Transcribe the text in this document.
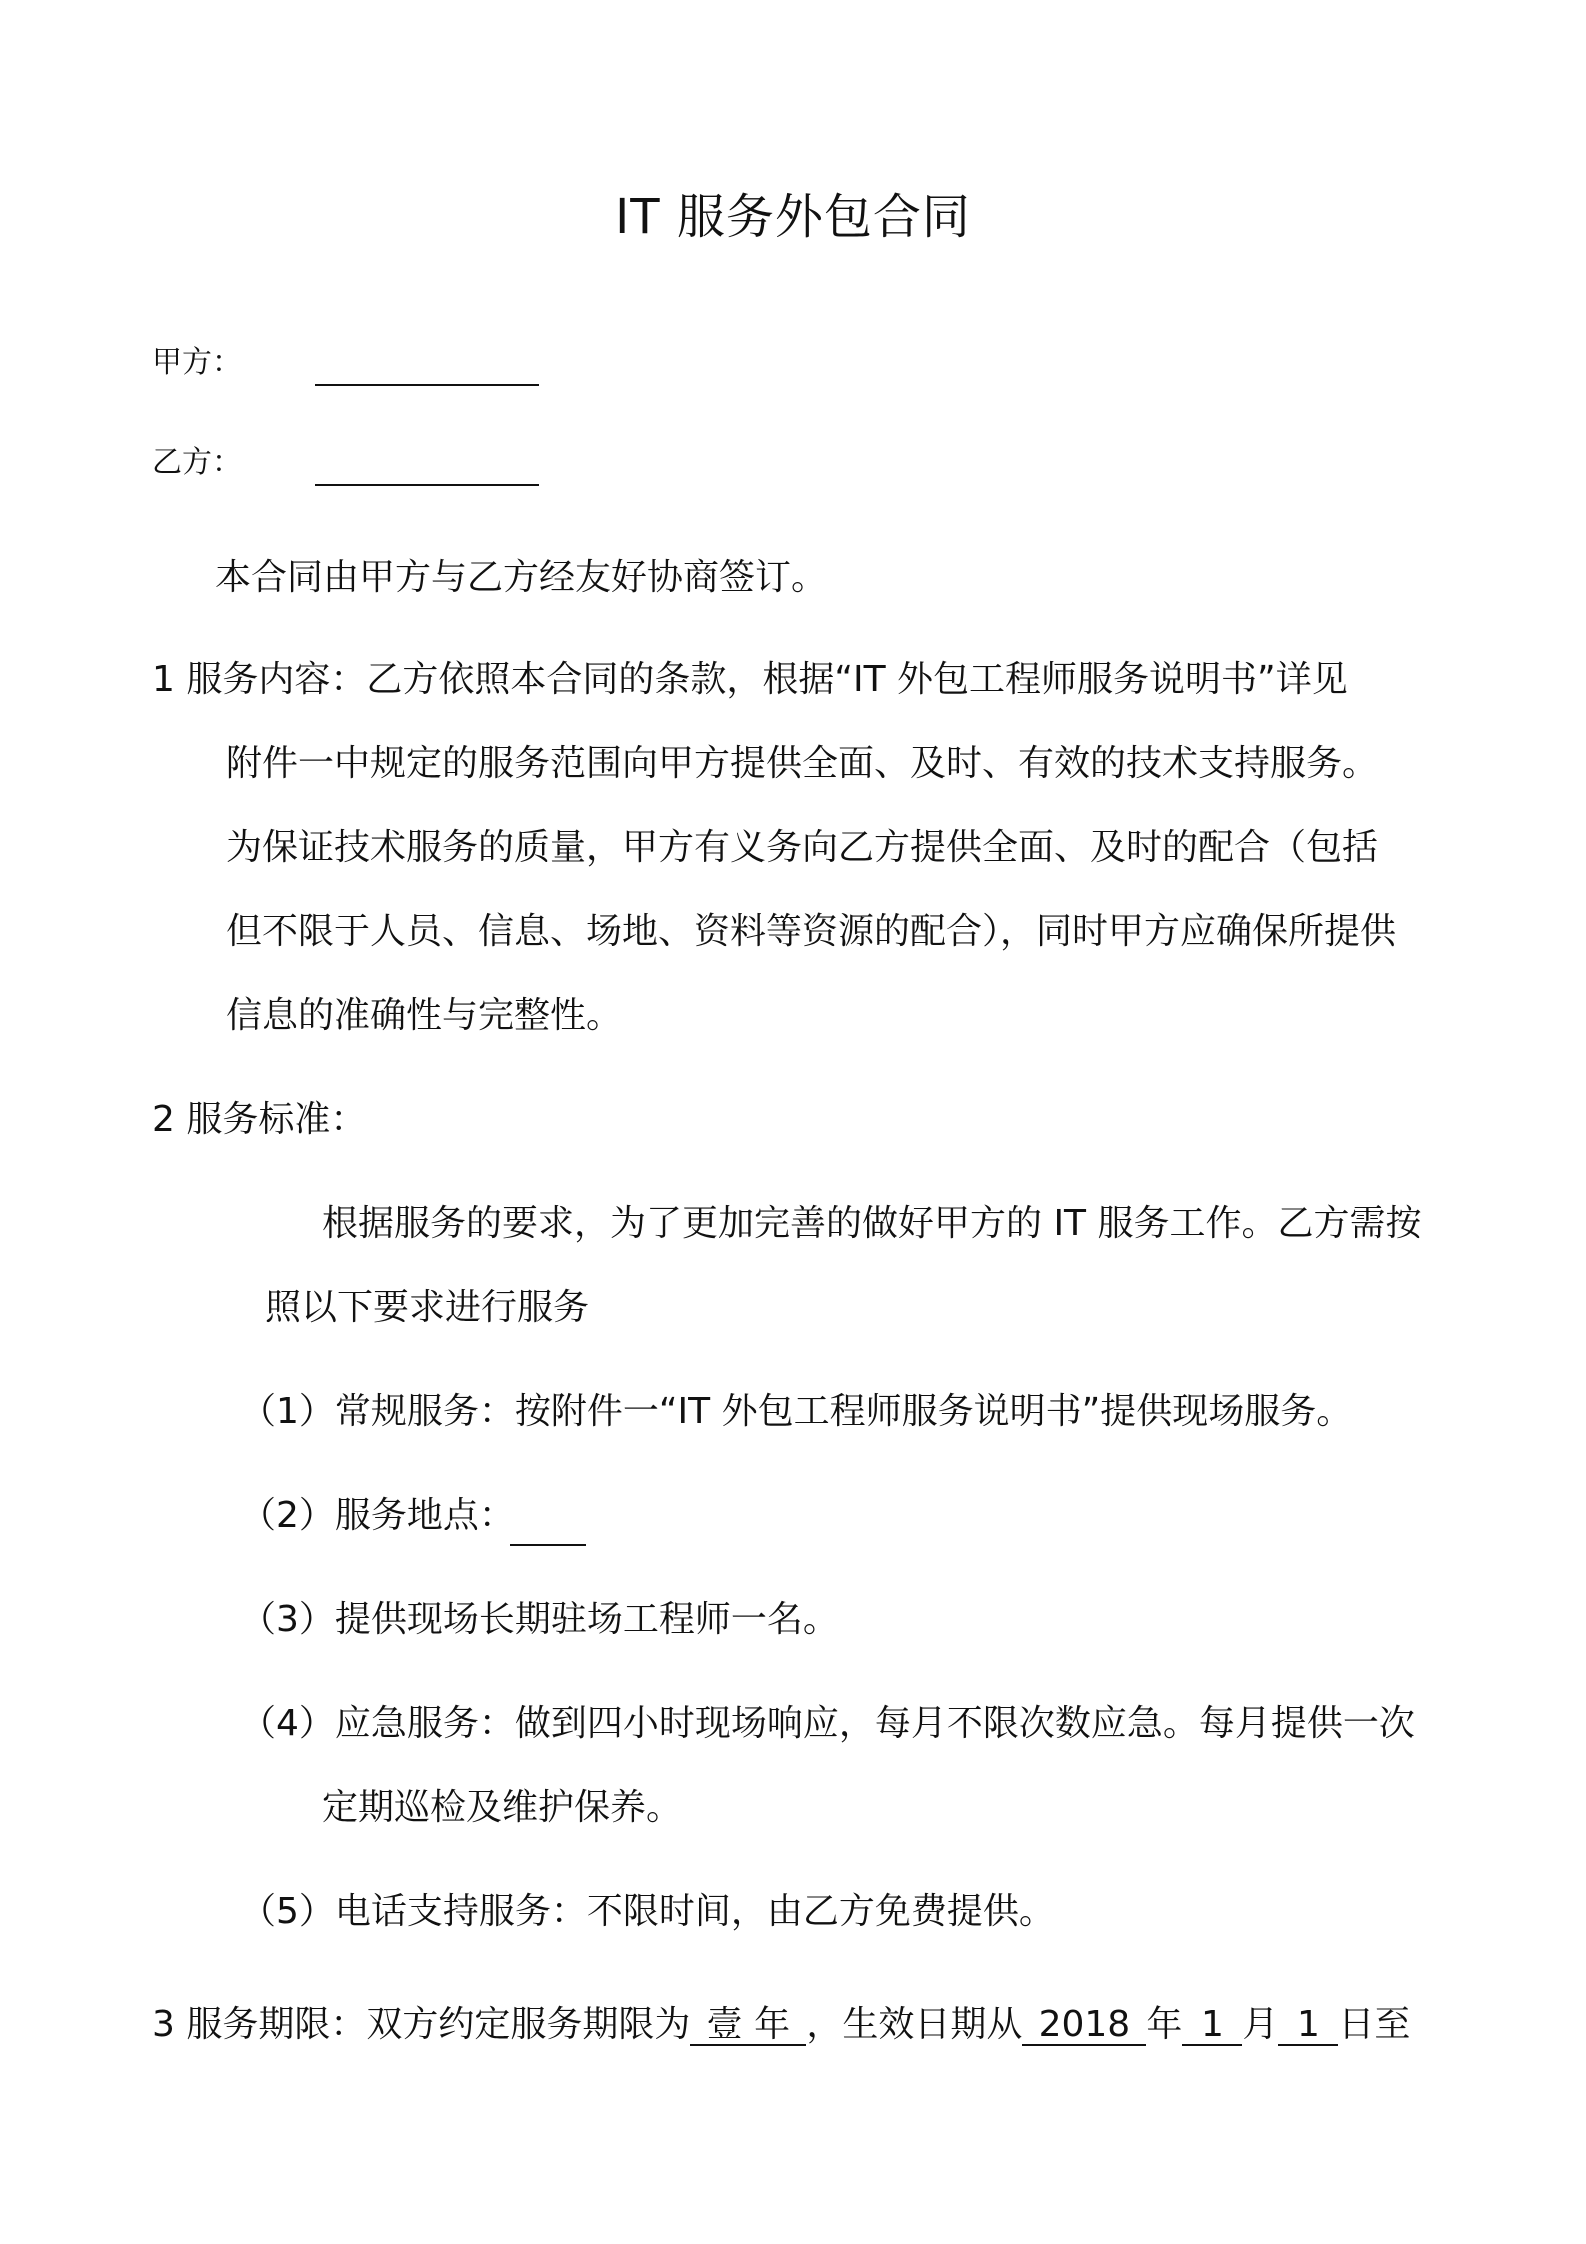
IT 服务外包合同
甲方：
乙方：
本合同由甲方与乙方经友好协商签订。
1 服务内容：乙方依照本合同的条款，根据“IT 外包工程师服务说明书”详见
附件一中规定的服务范围向甲方提供全面、及时、有效的技术支持服务。
为保证技术服务的质量，甲方有义务向乙方提供全面、及时的配合（包括
但不限于人员、信息、场地、资料等资源的配合），同时甲方应确保所提供
信息的准确性与完整性。
2 服务标准：
根据服务的要求，为了更加完善的做好甲方的 IT 服务工作。乙方需按
照以下要求进行服务
（1）常规服务：按附件一“IT 外包工程师服务说明书”提供现场服务。
（2）服务地点：
（3）提供现场长期驻场工程师一名。
（4）应急服务：做到四小时现场响应，每月不限次数应急。每月提供一次
定期巡检及维护保养。
（5）电话支持服务：不限时间，由乙方免费提供。
3 服务期限：双方约定服务期限为 壹 年 ，生效日期从 2018 年 1 月 1 日至
